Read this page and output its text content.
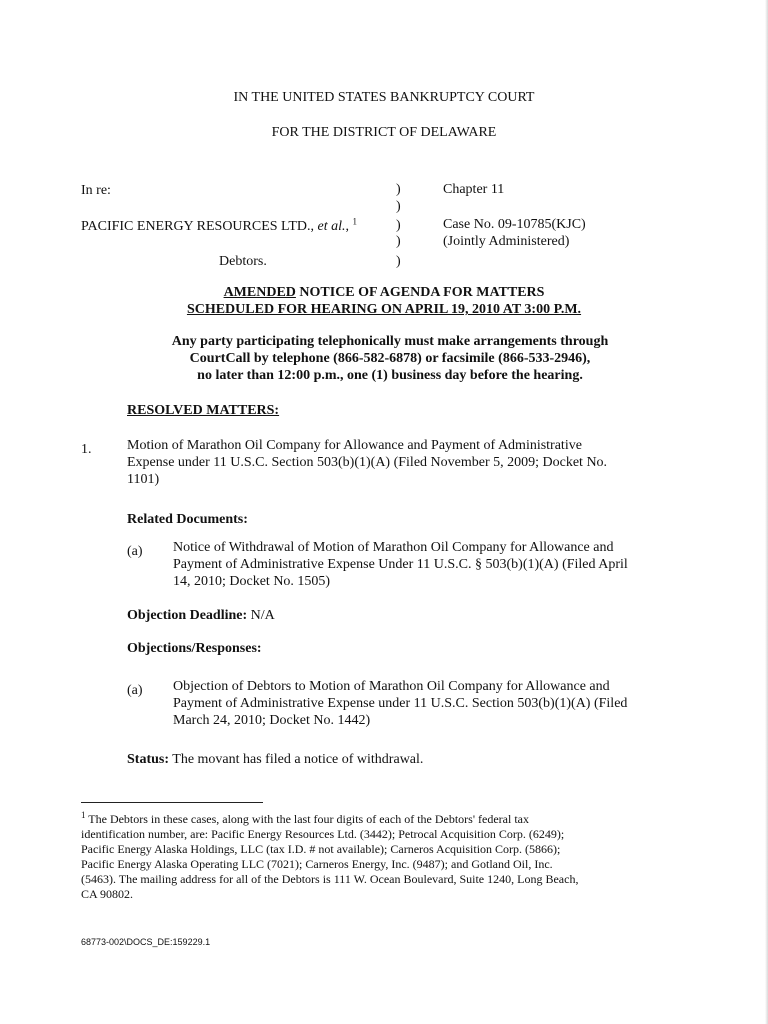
IN THE UNITED STATES BANKRUPTCY COURT
FOR THE DISTRICT OF DELAWARE
In re:
PACIFIC ENERGY RESOURCES LTD., et al., $^1$
Debtors.
)
)
)
)
)
Chapter 11
Case No. 09-10785(KJC)
(Jointly Administered)
AMENDED NOTICE OF AGENDA FOR MATTERS
SCHEDULED FOR HEARING ON APRIL 19, 2010 AT 3:00 P.M.
Any party participating telephonically must make arrangements through
CourtCall by telephone (866-582-6878) or facsimile (866-533-2946),
no later than 12:00 p.m., one (1) business day before the hearing.
RESOLVED MATTERS:
1.	Motion of Marathon Oil Company for Allowance and Payment of Administrative
Expense under 11 U.S.C. Section 503(b)(1)(A) (Filed November 5, 2009; Docket No.
1101)
Related Documents:
(a) Notice of Withdrawal of Motion of Marathon Oil Company for Allowance and
Payment of Administrative Expense Under 11 U.S.C. § 503(b)(1)(A) (Filed April
14, 2010; Docket No. 1505)
Objection Deadline: N/A
Objections/Responses:
(a) Objection of Debtors to Motion of Marathon Oil Company for Allowance and
Payment of Administrative Expense under 11 U.S.C. Section 503(b)(1)(A) (Filed
March 24, 2010; Docket No. 1442)
Status: The movant has filed a notice of withdrawal.
$^1$ The Debtors in these cases, along with the last four digits of each of the Debtors' federal tax
identification number, are: Pacific Energy Resources Ltd. (3442); Petrocal Acquisition Corp. (6249);
Pacific Energy Alaska Holdings, LLC (tax I.D. # not available); Carneros Acquisition Corp. (5866);
Pacific Energy Alaska Operating LLC (7021); Carneros Energy, Inc. (9487); and Gotland Oil, Inc.
(5463). The mailing address for all of the Debtors is 111 W. Ocean Boulevard, Suite 1240, Long Beach,
CA 90802.
68773-002\DOCS_DE:159229.1
